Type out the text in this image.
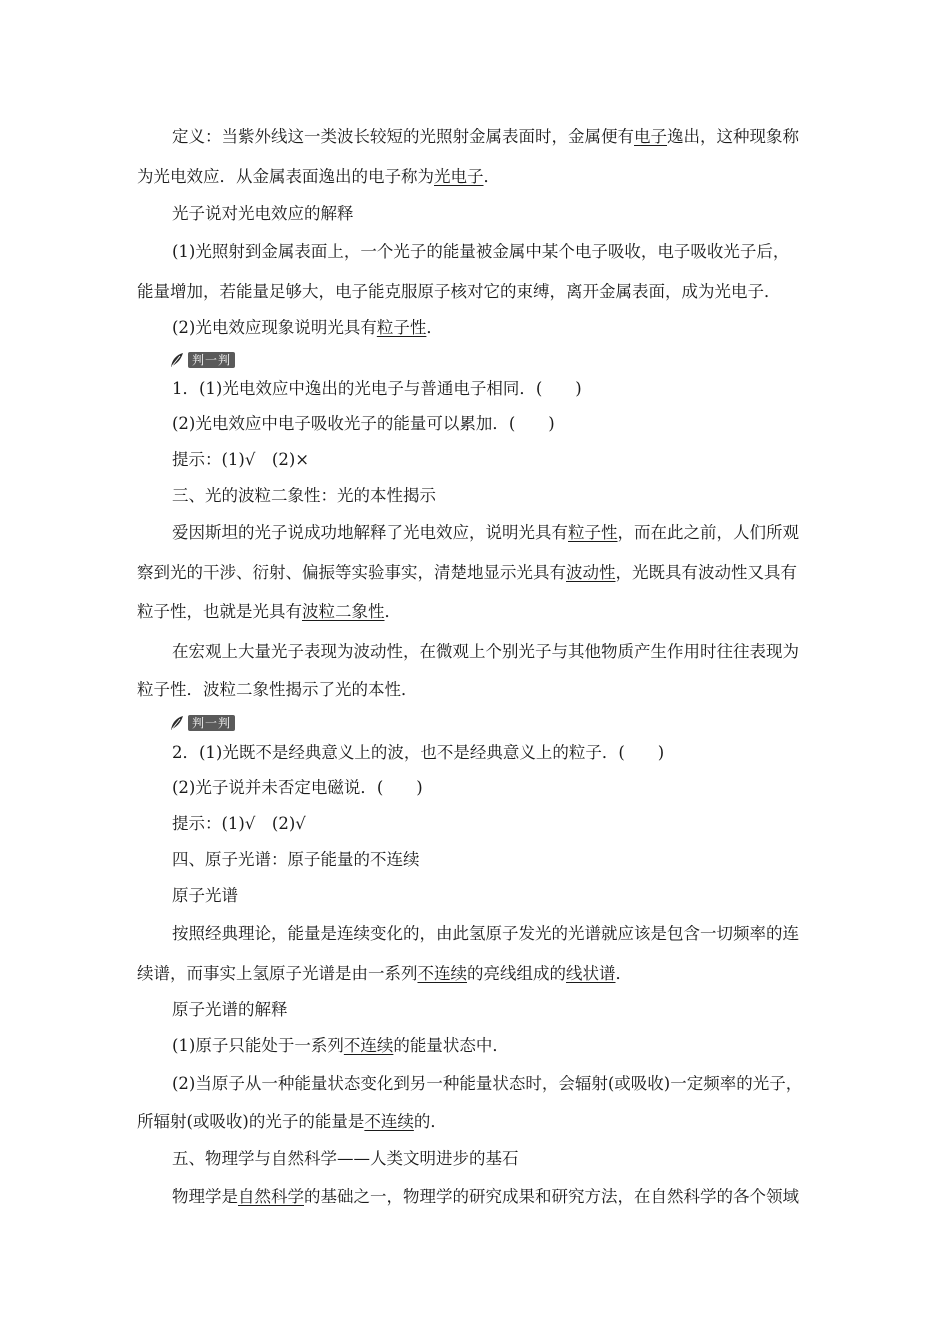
定义：当紫外线这一类波长较短的光照射金属表面时，金属便有电子逸出，这种现象称
为光电效应．从金属表面逸出的电子称为光电子．
光子说对光电效应的解释
(1)光照射到金属表面上，一个光子的能量被金属中某个电子吸收，电子吸收光子后，
能量增加，若能量足够大，电子能克服原子核对它的束缚，离开金属表面，成为光电子．
(2)光电效应现象说明光具有粒子性．
判一判
1．(1)光电效应中逸出的光电子与普通电子相同．(　　)
(2)光电效应中电子吸收光子的能量可以累加．(　　)
提示：(1)√　(2)×
三、光的波粒二象性：光的本性揭示
爱因斯坦的光子说成功地解释了光电效应，说明光具有粒子性，而在此之前，人们所观
察到光的干涉、衍射、偏振等实验事实，清楚地显示光具有波动性，光既具有波动性又具有
粒子性，也就是光具有波粒二象性．
在宏观上大量光子表现为波动性，在微观上个别光子与其他物质产生作用时往往表现为
粒子性．波粒二象性揭示了光的本性．
判一判
2．(1)光既不是经典意义上的波，也不是经典意义上的粒子．(　　)
(2)光子说并未否定电磁说．(　　)
提示：(1)√　(2)√
四、原子光谱：原子能量的不连续
原子光谱
按照经典理论，能量是连续变化的，由此氢原子发光的光谱就应该是包含一切频率的连
续谱，而事实上氢原子光谱是由一系列不连续的亮线组成的线状谱．
原子光谱的解释
(1)原子只能处于一系列不连续的能量状态中．
(2)当原子从一种能量状态变化到另一种能量状态时，会辐射(或吸收)一定频率的光子，
所辐射(或吸收)的光子的能量是不连续的．
五、物理学与自然科学——人类文明进步的基石
物理学是自然科学的基础之一，物理学的研究成果和研究方法，在自然科学的各个领域
